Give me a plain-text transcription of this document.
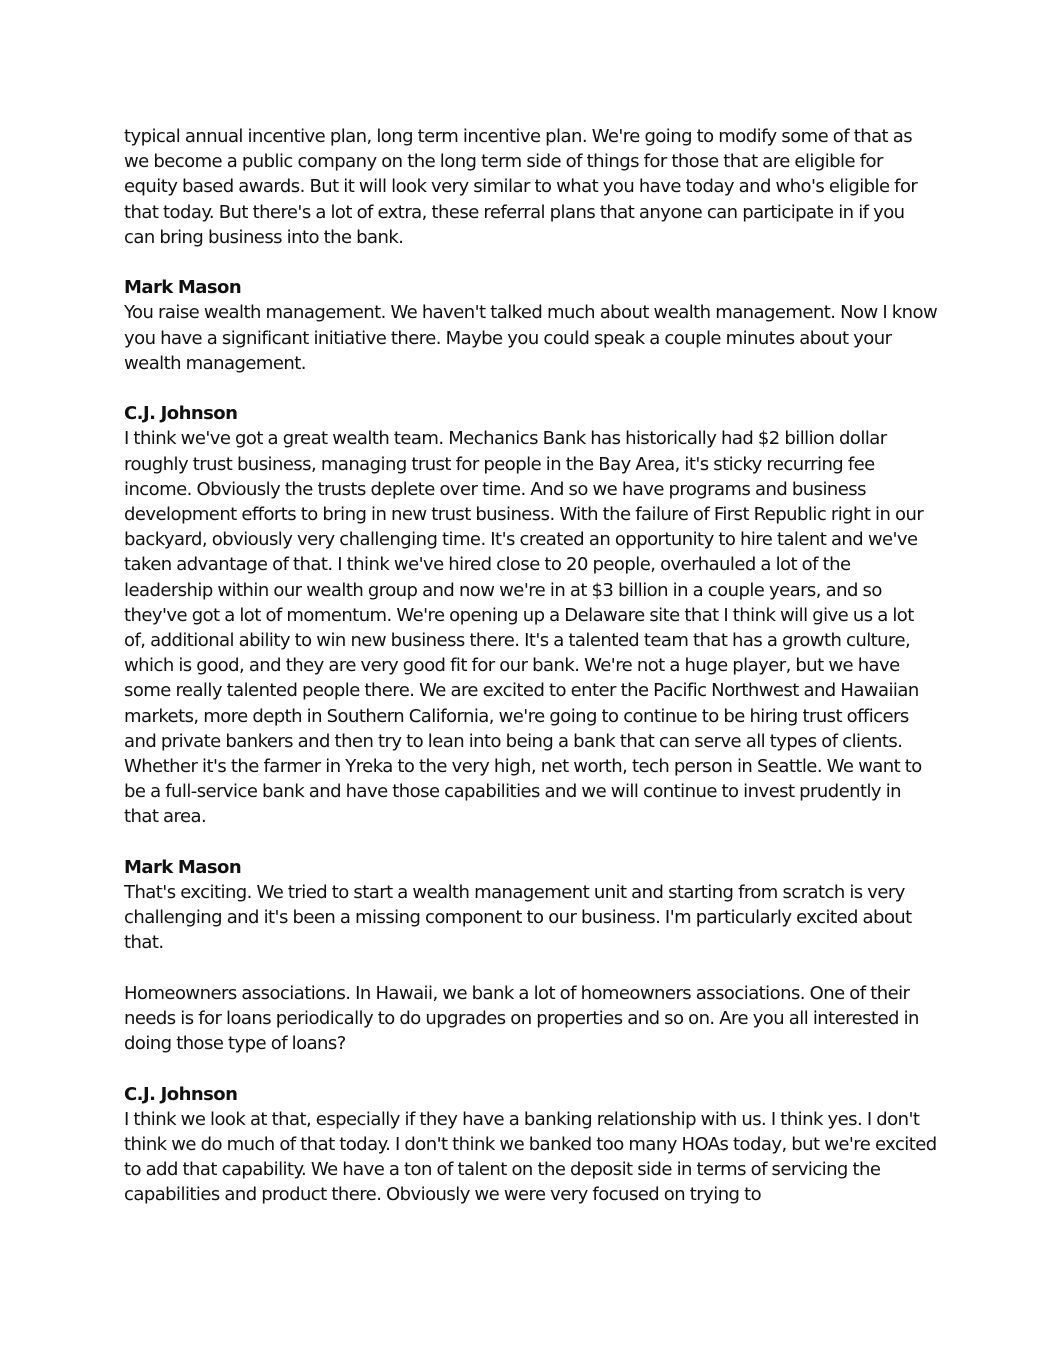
typical annual incentive plan, long term incentive plan. We're going to modify some of that as we become a public company on the long term side of things for those that are eligible for equity based awards. But it will look very similar to what you have today and who's eligible for that today. But there's a lot of extra, these referral plans that anyone can participate in if you can bring business into the bank.

Mark Mason

You raise wealth management. We haven't talked much about wealth management. Now I know you have a significant initiative there. Maybe you could speak a couple minutes about your wealth management.

C.J. Johnson

I think we've got a great wealth team. Mechanics Bank has historically had $2 billion dollar roughly trust business, managing trust for people in the Bay Area, it's sticky recurring fee income. Obviously the trusts deplete over time. And so we have programs and business development efforts to bring in new trust business. With the failure of First Republic right in our backyard, obviously very challenging time. It's created an opportunity to hire talent and we've taken advantage of that. I think we've hired close to 20 people, overhauled a lot of the leadership within our wealth group and now we're in at $3 billion in a couple years, and so they've got a lot of momentum. We're opening up a Delaware site that I think will give us a lot of, additional ability to win new business there. It's a talented team that has a growth culture, which is good, and they are very good fit for our bank. We're not a huge player, but we have some really talented people there. We are excited to enter the Pacific Northwest and Hawaiian markets, more depth in Southern California, we're going to continue to be hiring trust officers and private bankers and then try to lean into being a bank that can serve all types of clients. Whether it's the farmer in Yreka to the very high, net worth, tech person in Seattle. We want to be a full-service bank and have those capabilities and we will continue to invest prudently in that area.

Mark Mason

That's exciting. We tried to start a wealth management unit and starting from scratch is very challenging and it's been a missing component to our business. I'm particularly excited about that.

Homeowners associations. In Hawaii, we bank a lot of homeowners associations. One of their needs is for loans periodically to do upgrades on properties and so on. Are you all interested in doing those type of loans?

C.J. Johnson

I think we look at that, especially if they have a banking relationship with us. I think yes. I don't think we do much of that today. I don't think we banked too many HOAs today, but we're excited to add that capability. We have a ton of talent on the deposit side in terms of servicing the capabilities and product there. Obviously we were very focused on trying to
